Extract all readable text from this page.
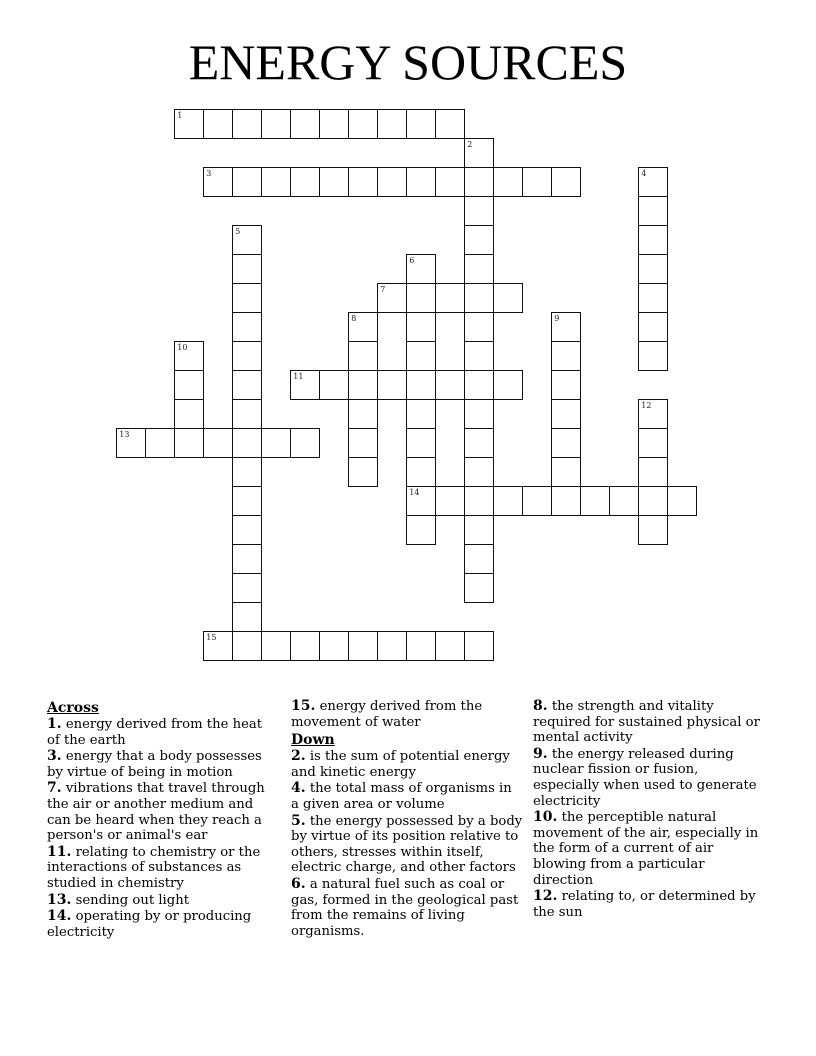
ENERGY SOURCES
1
2
3	4
5
6
14
7
8	9
10
11
12
13
15
Across
1. energy derived from the heat of the earth
3. energy that a body possesses by virtue of being in motion
7. vibrations that travel through the air or another medium and can be heard when they reach a person's or animal's ear
11. relating to chemistry or the interactions of substances as studied in chemistry
13. sending out light
14. operating by or producing electricity
15. energy derived from the movement of water
Down
2. is the sum of potential energy and kinetic energy
4. the total mass of organisms in a given area or volume
5. the energy possessed by a body by virtue of its position relative to others, stresses within itself, electric charge, and other factors
6. a natural fuel such as coal or gas, formed in the geological past from the remains of living organisms.
8. the strength and vitality required for sustained physical or mental activity
9. the energy released during nuclear fission or fusion, especially when used to generate electricity
10. the perceptible natural movement of the air, especially in the form of a current of air blowing from a particular direction
12. relating to, or determined by the sun
